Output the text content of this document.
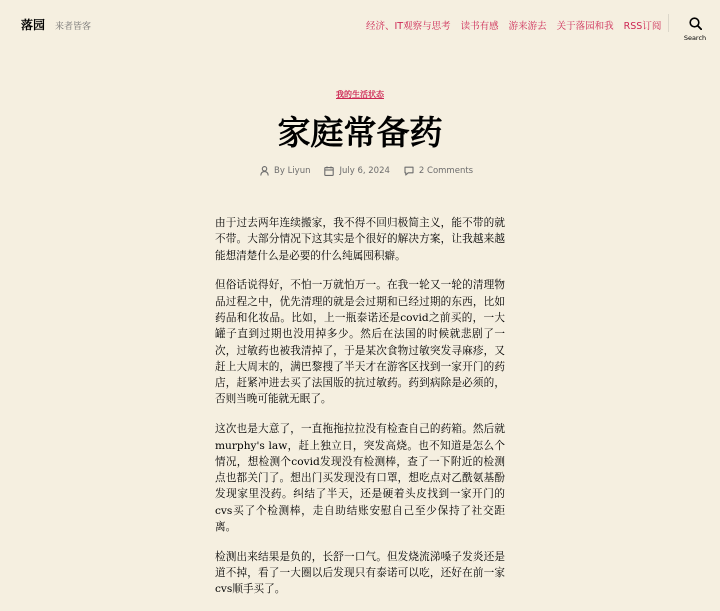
落园 来者皆客	经济、IT观察与思考 读书有感 游来游去 关于落园和我 RSS订阅
Search
我的生活状态
家庭常备药
By Liyun	July 6, 2024	2 Comments

由于过去两年连续搬家，我不得不回归极简主义，能不带的就不带。大部分情况下这其实是个很好的解决方案，让我越来越能想清楚什么是必要的什么纯属囤积癖。

但俗话说得好，不怕一万就怕万一。在我一轮又一轮的清理物品过程之中，优先清理的就是会过期和已经过期的东西，比如药品和化妆品。比如，上一瓶泰诺还是covid之前买的，一大罐子直到过期也没用掉多少。然后在法国的时候就悲剧了一次，过敏药也被我清掉了，于是某次食物过敏突发寻麻疹，又赶上大周末的，满巴黎搜了半天才在游客区找到一家开门的药店，赶紧冲进去买了法国版的抗过敏药。药到病除是必须的，否则当晚可能就无眠了。

这次也是大意了，一直拖拖拉拉没有检查自己的药箱。然后就murphy's law，赶上独立日，突发高烧。也不知道是怎么个情况，想检测个covid发现没有检测棒，查了一下附近的检测点也都关门了。想出门买发现没有口罩，想吃点对乙酰氨基酚发现家里没药。纠结了半天，还是硬着头皮找到一家开门的cvs买了个检测棒，走自助结账安慰自己至少保持了社交距离。

检测出来结果是负的，长舒一口气。但发烧流涕嗓子发炎还是道不掉，看了一大圈以后发现只有泰诺可以吃，还好在前一家cvs顺手买了。
